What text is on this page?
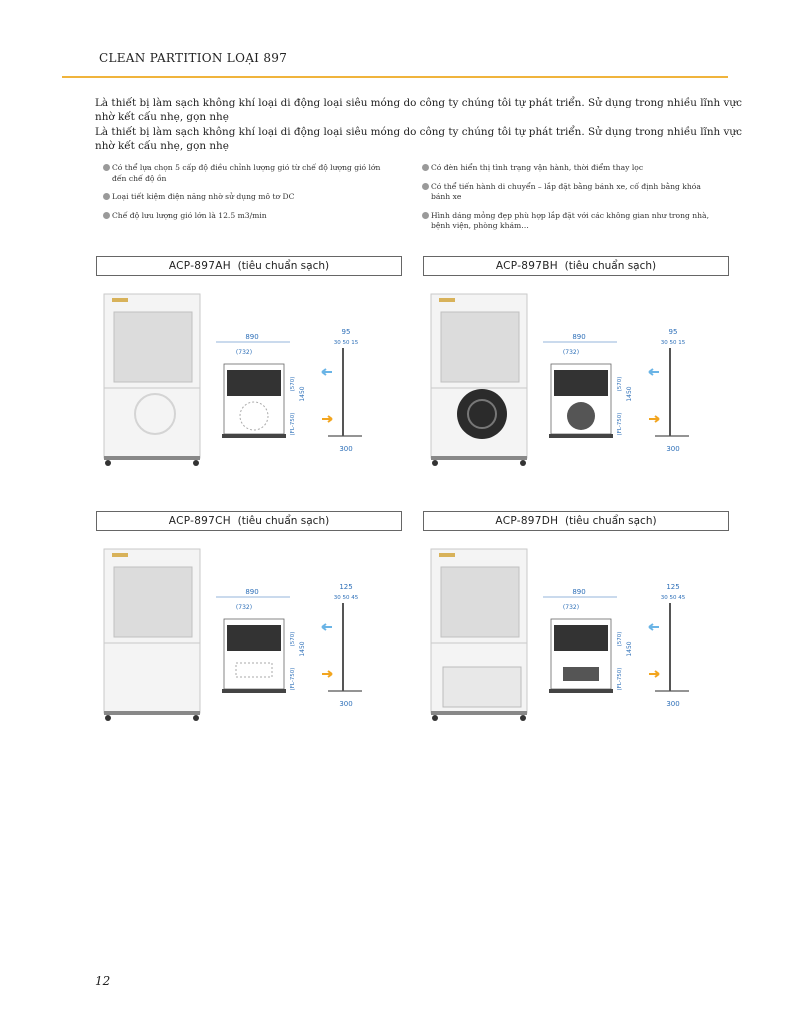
CLEAN PARTITION LOẠI 897

Là thiết bị làm sạch không khí loại di động loại siêu móng do công ty chúng tôi tự phát triển. Sử dụng trong nhiều lĩnh vực nhờ kết cấu nhẹ, gọn nhẹ

Là thiết bị làm sạch không khí loại di động loại siêu móng do công ty chúng tôi tự phát triển. Sử dụng trong nhiều lĩnh vực nhờ kết cấu nhẹ, gọn nhẹ

Có thể lựa chọn 5 cấp độ điều chỉnh lượng gió từ chế độ lượng gió lớn đến chế độ ồn
Loại tiết kiệm điện năng nhờ sử dụng mô tơ DC
Chế độ lưu lượng gió lớn là 12.5 m3/min
Có đèn hiển thị tình trạng vận hành, thời điểm thay lọc
Có thể tiến hành di chuyển – lắp đặt bằng bánh xe, cố định bằng khóa bánh xe
Hình dáng mỏng đẹp phù hợp lắp đặt với các không gian như trong nhà, bệnh viện, phòng khám…
ACP-897AH (tiêu chuẩn sạch)
890
(732)
1450
(570)
(FL-750)
95
30 50 15
300
ACP-897BH (tiêu chuẩn sạch)
890
(732)
1450
(570)
(FL-750)
95
30 50 15
300
ACP-897CH (tiêu chuẩn sạch)
890
(732)
1450
(570)
(FL-750)
125
30 50 45
300
ACP-897DH (tiêu chuẩn sạch)
890
(732)
1450
(570)
(FL-750)
125
30 50 45
300
12
